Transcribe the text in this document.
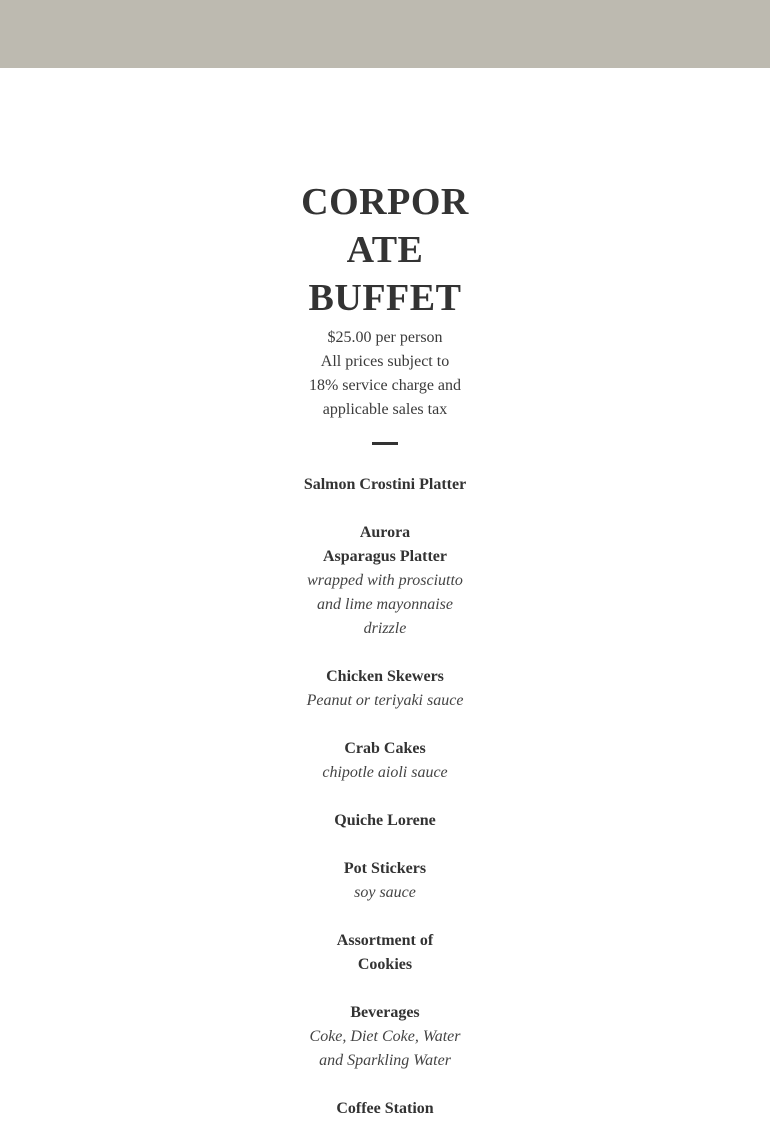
CORPOR
ATE
BUFFET
$25.00 per person
All prices subject to
18% service charge and
applicable sales tax
Salmon Crostini Platter
Aurora
Asparagus Platter
wrapped with prosciutto
and lime mayonnaise
drizzle
Chicken Skewers
Peanut or teriyaki sauce
Crab Cakes
chipotle aioli sauce
Quiche Lorene
Pot Stickers
soy sauce
Assortment of
Cookies
Beverages
Coke, Diet Coke, Water
and Sparkling Water
Coffee Station
